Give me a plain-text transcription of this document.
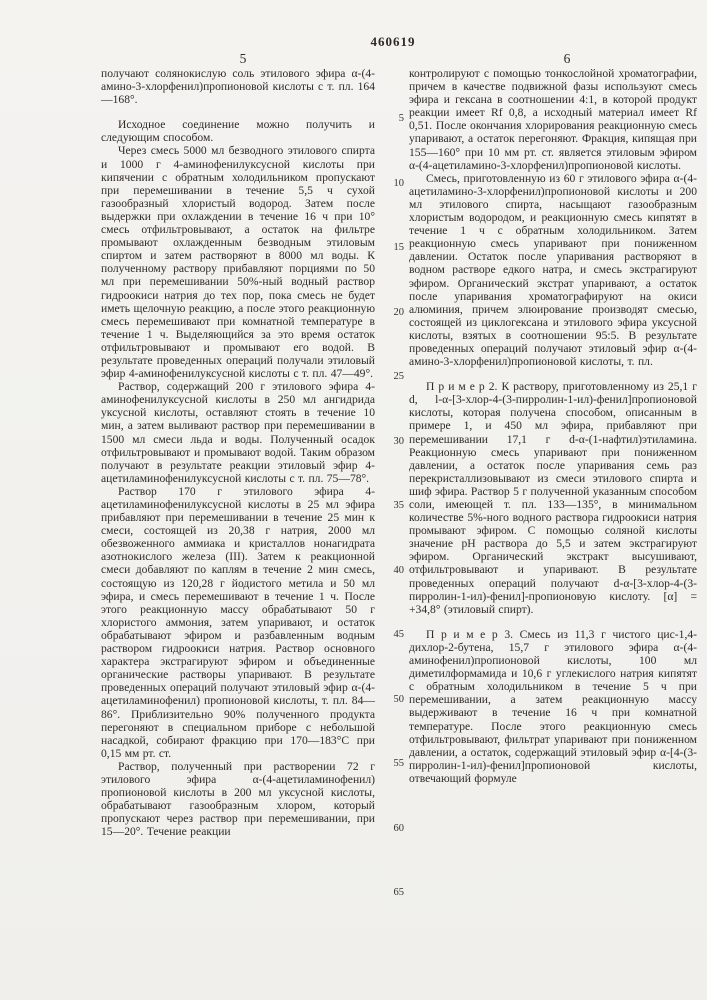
460619
5	6

получают солянокислую соль этилового эфира α-(4-амино-3-хлорфенил)пропионовой кислоты с т. пл. 164—168°.

Исходное соединение можно получить и следующим способом.

Через смесь 5000 мл безводного этилового спирта и 1000 г 4-аминофенилуксусной кислоты при кипячении с обратным холодильником пропускают при перемешивании в течение 5,5 ч сухой газообразный хлористый водород. Затем после выдержки при охлаждении в течение 16 ч при 10° смесь отфильтровывают, а остаток на фильтре промывают охлажденным безводным этиловым спиртом и затем растворяют в 8000 мл воды. К полученному раствору прибавляют порциями по 50 мл при перемешивании 50%-ный водный раствор гидроокиси натрия до тех пор, пока смесь не будет иметь щелочную реакцию, а после этого реакционную смесь перемешивают при комнатной температуре в течение 1 ч. Выделяющийся за это время остаток отфильтровывают и промывают его водой. В результате проведенных операций получали этиловый эфир 4-аминофенилуксусной кислоты с т. пл. 47—49°.

Раствор, содержащий 200 г этилового эфира 4-аминофенилуксусной кислоты в 250 мл ангидрида уксусной кислоты, оставляют стоять в течение 10 мин, а затем выливают раствор при перемешивании в 1500 мл смеси льда и воды. Полученный осадок отфильтровывают и промывают водой. Таким образом получают в результате реакции этиловый эфир 4-ацетиламинофенилуксусной кислоты с т. пл. 75—78°.

Раствор 170 г этилового эфира 4-ацетиламинофенилуксусной кислоты в 25 мл эфира прибавляют при перемешивании в течение 25 мин к смеси, состоящей из 20,38 г натрия, 2000 мл обезвоженного аммиака и кристаллов нонагидрата азотнокислого железа (III). Затем к реакционной смеси добавляют по каплям в течение 2 мин смесь, состоящую из 120,28 г йодистого метила и 50 мл эфира, и смесь перемешивают в течение 1 ч. После этого реакционную массу обрабатывают 50 г хлористого аммония, затем упаривают, и остаток обрабатывают эфиром и разбавленным водным раствором гидроокиси натрия. Раствор основного характера экстрагируют эфиром и объединенные органические растворы упаривают. В результате проведенных операций получают этиловый эфир α-(4-ацетиламинофенил) пропионовой кислоты, т. пл. 84—86°. Приблизительно 90% полученного продукта перегоняют в специальном приборе с небольшой насадкой, собирают фракцию при 170—183°C при 0,15 мм рт. ст.

Раствор, полученный при растворении 72 г этилового эфира α-(4-ацетиламинофенил) пропионовой кислоты в 200 мл уксусной кислоты, обрабатывают газообразным хлором, который пропускают через раствор при перемешивании, при 15—20°. Течение реакции

5
10
15
20
25
30
35
40
45
50
55
60
65

контролируют с помощью тонкослойной хроматографии, причем в качестве подвижной фазы используют смесь эфира и гексана в соотношении 4:1, в которой продукт реакции имеет Rf 0,8, а исходный материал имеет Rf 0,51. После окончания хлорирования реакционную смесь упаривают, а остаток перегоняют. Фракция, кипящая при 155—160° при 10 мм рт. ст. является этиловым эфиром α-(4-ацетиламино-3-хлорфенил)пропионовой кислоты.

Смесь, приготовленную из 60 г этилового эфира α-(4-ацетиламино-3-хлорфенил)пропионовой кислоты и 200 мл этилового спирта, насыщают газообразным хлористым водородом, и реакционную смесь кипятят в течение 1 ч с обратным холодильником. Затем реакционную смесь упаривают при пониженном давлении. Остаток после упаривания растворяют в водном растворе едкого натра, и смесь экстрагируют эфиром. Органический экстрат упаривают, а остаток после упаривания хроматографируют на окиси алюминия, причем элюирование производят смесью, состоящей из циклогексана и этилового эфира уксусной кислоты, взятых в соотношении 95:5. В результате проведенных операций получают этиловый эфир α-(4-амино-3-хлорфенил)пропионовой кислоты, т. пл.

П р и м е р 2. К раствору, приготовленному из 25,1 г d, l-α-[3-хлор-4-(3-пирролин-1-ил)-фенил]пропионовой кислоты, которая получена способом, описанным в примере 1, и 450 мл эфира, прибавляют при перемешивании 17,1 г d-α-(1-нафтил)этиламина. Реакционную смесь упаривают при пониженном давлении, а остаток после упаривания семь раз перекристаллизовывают из смеси этилового спирта и шиф эфира. Раствор 5 г полученной указанным способом соли, имеющей т. пл. 133—135°, в минимальном количестве 5%-ного водного раствора гидроокиси натрия промывают эфиром. С помощью соляной кислоты значение pH раствора до 5,5 и затем экстрагируют эфиром. Органический экстракт высушивают, отфильтровывают и упаривают. В результате проведенных операций получают d-α-[3-хлор-4-(3-пирролин-1-ил)-фенил]-пропионовую кислоту. [α] = +34,8° (этиловый спирт).

П р и м е р 3. Смесь из 11,3 г чистого цис-1,4-дихлор-2-бутена, 15,7 г этилового эфира α-(4-аминофенил)пропионовой кислоты, 100 мл диметилформамида и 10,6 г углекислого натрия кипятят с обратным холодильником в течение 5 ч при перемешивании, а затем реакционную массу выдерживают в течение 16 ч при комнатной температуре. После этого реакционную смесь отфильтровывают, фильтрат упаривают при пониженном давлении, а остаток, содержащий этиловый эфир α-[4-(3-пирролин-1-ил)-фенил]пропионовой кислоты, отвечающий формуле
